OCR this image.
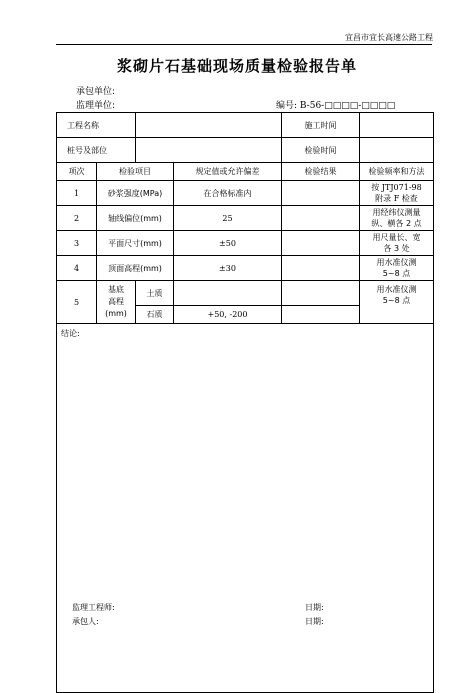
宜昌市宜长高速公路工程
浆砌片石基础现场质量检验报告单
承包单位:
监理单位:	编号: B-56-□□□□-□□□□
工程名称				施工时间	
桩号及部位				检验时间	
项次	检验项目		规定值或允许偏差	检验结果	检验频率和方法
1	砂浆强度(MPa)		在合格标准内		按 JTJ071-98
附录 F 检查
2	轴线偏位(mm)		25		用经纬仪测量
纵、横各 2 点
3	平面尺寸(mm)		±50		用尺量长、宽
各 3 处
4	顶面高程(mm)		±30		用水准仪测
5~8 点
5	基底
高程(mm)	土质			用水准仪测
5~8 点
		石质	+50, -200		
结论:					
监理工程师:	日期:
承包人:	日期:
